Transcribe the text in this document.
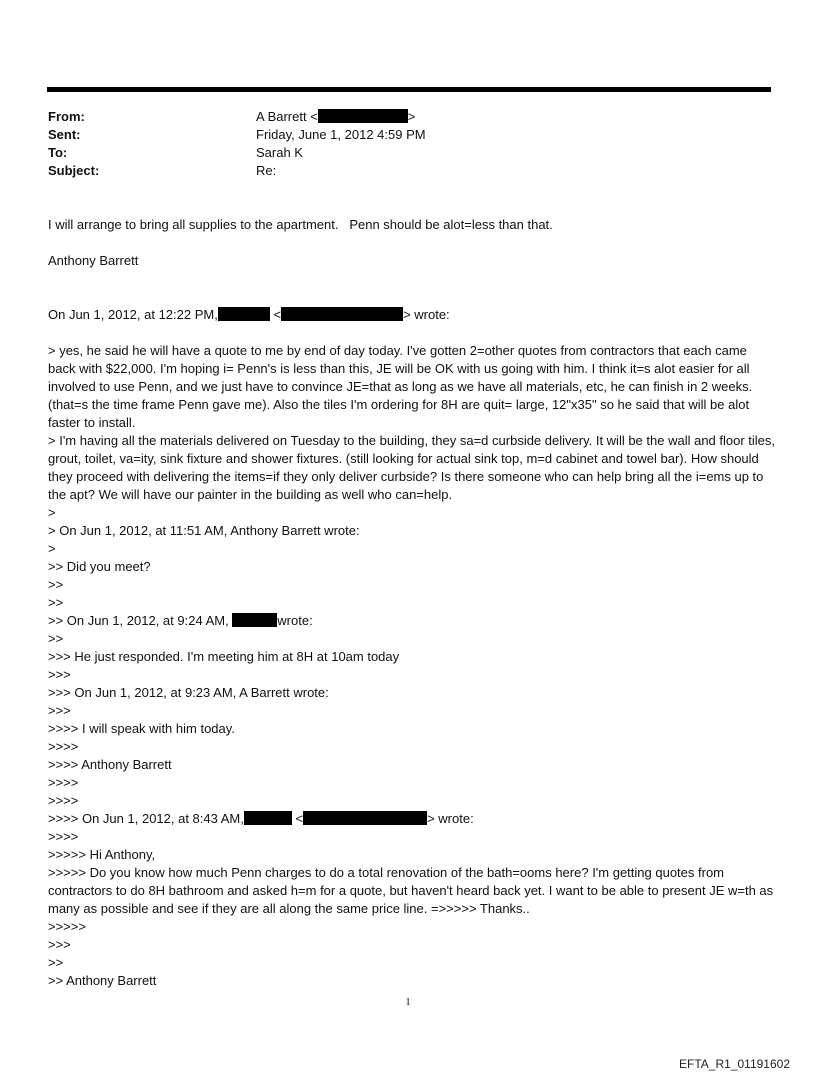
From:	A Barrett <	>
Sent:	Friday, June 1, 2012 4:59 PM
To:	Sarah K
Subject:	Re:

I will arrange to bring all supplies to the apartment.   Penn should be alot=less than that.

Anthony Barrett

On Jun 1, 2012, at 12:22 PM,	<	> wrote:

> yes, he said he will have a quote to me by end of day today. I've gotten 2=other quotes from contractors that each came back with $22,000. I'm hoping i= Penn's is less than this, JE will be OK with us going with him. I think it=s alot easier for all involved to use Penn, and we just have to convince JE=that as long as we have all materials, etc, he can finish in 2 weeks. (that=s the time frame Penn gave me). Also the tiles I'm ordering for 8H are quit= large, 12"x35" so he said that will be alot faster to install.

> I'm having all the materials delivered on Tuesday to the building, they sa=d curbside delivery. It will be the wall and floor tiles, grout, toilet, va=ity, sink fixture and shower fixtures. (still looking for actual sink top, m=d cabinet and towel bar). How should they proceed with delivering the items=if they only deliver curbside? Is there someone who can help bring all the i=ems up to the apt? We will have our painter in the building as well who can=help.

>

> On Jun 1, 2012, at 11:51 AM, Anthony Barrett wrote:

>

>> Did you meet?

>>

>>

>> On Jun 1, 2012, at 9:24 AM,	wrote:

>>

>>> He just responded. I'm meeting him at 8H at 10am today

>>>

>>> On Jun 1, 2012, at 9:23 AM, A Barrett wrote:

>>>

>>>> I will speak with him today.

>>>>

>>>> Anthony Barrett

>>>>

>>>>

>>>> On Jun 1, 2012, at 8:43 AM,	<	> wrote:

>>>>

>>>>> Hi Anthony,

>>>>> Do you know how much Penn charges to do a total renovation of the bath=ooms here? I'm getting quotes from contractors to do 8H bathroom and asked h=m for a quote, but haven't heard back yet. I want to be able to present JE w=th as many as possible and see if they are all along the same price line. =>>>>> Thanks..

>>>>>

>>>

>>

>> Anthony Barrett

1
EFTA_R1_01191602
